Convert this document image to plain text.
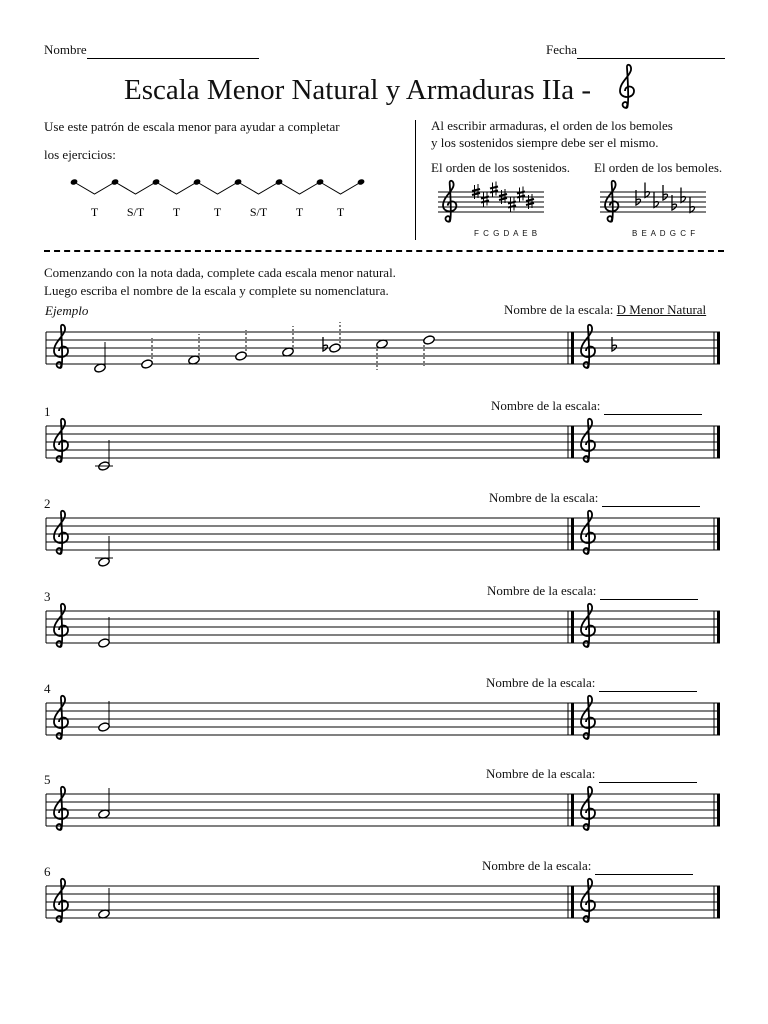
Nombre	Fecha
Escala Menor Natural y Armaduras IIa -
Use este patrón de escala menor para ayudar a completar
los ejercicios:
T S/T T	T S/T T	T
Al escribir armaduras, el orden de los bemoles
y los sostenidos siempre debe ser el mismo.
El orden de los sostenidos. El orden de los bemoles.
F C G D A E B	B E A D G C F
Comenzando con la nota dada, complete cada escala menor natural.
Luego escriba el nombre de la escala y complete su nomenclatura.
Ejemplo	Nombre de la escala: D Menor Natural
1	Nombre de la escala:
2	Nombre de la escala:
3	Nombre de la escala:
4	Nombre de la escala:
5	Nombre de la escala:
6	Nombre de la escala:
